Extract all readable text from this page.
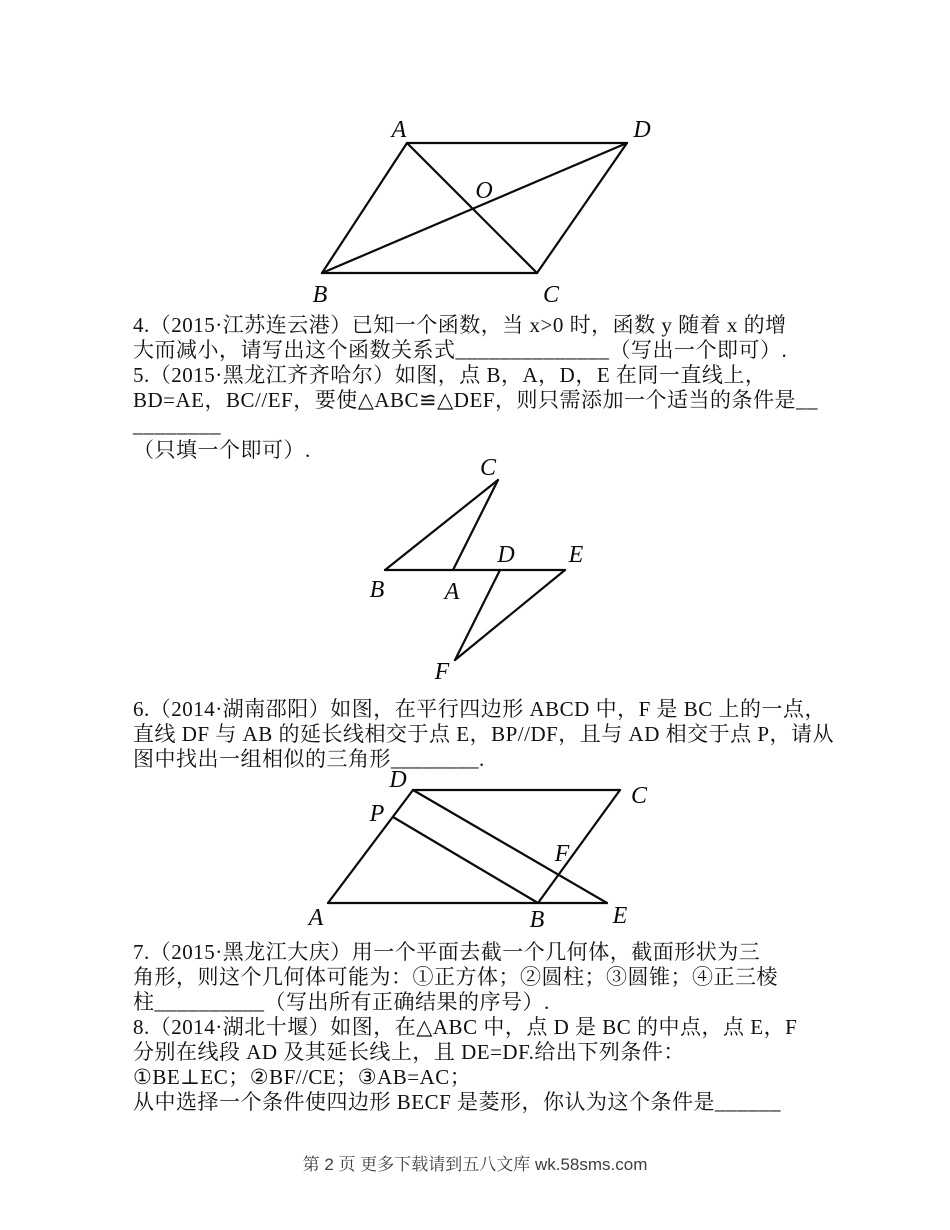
A	D
B	C
O
4.（2015·江苏连云港）已知一个函数，当 x>0 时，函数 y 随着 x 的增
大而减小，请写出这个函数关系式______________（写出一个即可）.
5.（2015·黑龙江齐齐哈尔）如图，点 B，A，D，E 在同一直线上，
BD=AE，BC//EF，要使△ABC≌△DEF，则只需添加一个适当的条件是__
________
（只填一个即可）.
C
B	A
D E
F
6.（2014·湖南邵阳）如图，在平行四边形 ABCD 中，F 是 BC 上的一点，
直线 DF 与 AB 的延长线相交于点 E，BP//DF，且与 AD 相交于点 P，请从
图中找出一组相似的三角形________.
D
C
A	B	E
P
F
7.（2015·黑龙江大庆）用一个平面去截一个几何体，截面形状为三
角形，则这个几何体可能为：①正方体；②圆柱；③圆锥；④正三棱
柱__________（写出所有正确结果的序号）.
8.（2014·湖北十堰）如图，在△ABC 中，点 D 是 BC 的中点，点 E，F
分别在线段 AD 及其延长线上，且 DE=DF.给出下列条件：
①BE⊥EC；②BF//CE；③AB=AC；
从中选择一个条件使四边形 BECF 是菱形，你认为这个条件是______
第 2 页 更多下载请到五八文库 wk.58sms.com
